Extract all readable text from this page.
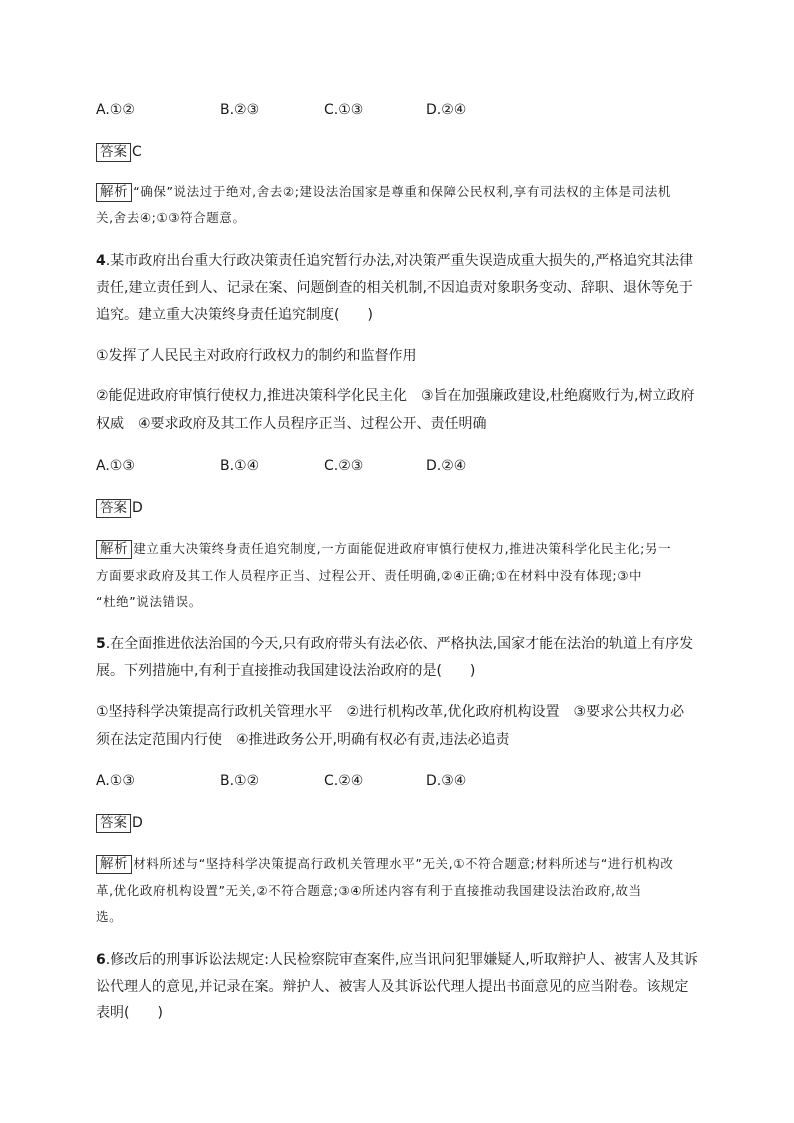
A.①②	B.②③	C.①③	D.②④
答案 C
解析 “确保”说法过于绝对,舍去②;建设法治国家是尊重和保障公民权利,享有司法权的主体是司法机
关,舍去④;①③符合题意。
4.某市政府出台重大行政决策责任追究暂行办法,对决策严重失误造成重大损失的,严格追究其法律
责任,建立责任到人、记录在案、问题倒查的相关机制,不因追责对象职务变动、辞职、退休等免于
追究。建立重大决策终身责任追究制度(　　)
①发挥了人民民主对政府行政权力的制约和监督作用
②能促进政府审慎行使权力,推进决策科学化民主化　③旨在加强廉政建设,杜绝腐败行为,树立政府
权威　④要求政府及其工作人员程序正当、过程公开、责任明确
A.①③	B.①④	C.②③	D.②④
答案 D
解析 建立重大决策终身责任追究制度,一方面能促进政府审慎行使权力,推进决策科学化民主化;另一
方面要求政府及其工作人员程序正当、过程公开、责任明确,②④正确;①在材料中没有体现;③中
“杜绝”说法错误。
5.在全面推进依法治国的今天,只有政府带头有法必依、严格执法,国家才能在法治的轨道上有序发
展。下列措施中,有利于直接推动我国建设法治政府的是(　　)
①坚持科学决策提高行政机关管理水平　②进行机构改革,优化政府机构设置　③要求公共权力必
须在法定范围内行使　④推进政务公开,明确有权必有责,违法必追责
A.①③	B.①②	C.②④	D.③④
答案 D
解析 材料所述与“坚持科学决策提高行政机关管理水平”无关,①不符合题意;材料所述与“进行机构改
革,优化政府机构设置”无关,②不符合题意;③④所述内容有利于直接推动我国建设法治政府,故当
选。
6.修改后的刑事诉讼法规定:人民检察院审查案件,应当讯问犯罪嫌疑人,听取辩护人、被害人及其诉
讼代理人的意见,并记录在案。辩护人、被害人及其诉讼代理人提出书面意见的应当附卷。该规定
表明(　　)
